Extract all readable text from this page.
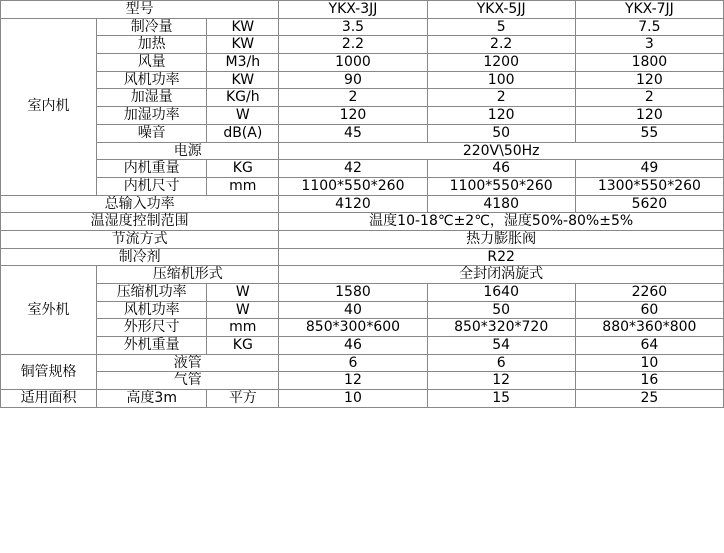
型号			YKX-3JJ	YKX-5JJ	YKX-7JJ
室内机	制冷量	KW	3.5	5	7.5
	加热	KW	2.2	2.2	3
	风量	M3/h	1000	1200	1800
	风机功率	KW	90	100	120
	加湿量	KG/h	2	2	2
	加湿功率	W	120	120	120
	噪音	dB(A)	45	50	55
	电源		220V\50Hz		
	内机重量	KG	42	46	49
	内机尺寸	mm	1100*550*260	1100*550*260	1300*550*260
总输入功率			4120	4180	5620
温湿度控制范围			温度10-18℃±2℃，湿度50%-80%±5%		
节流方式			热力膨胀阀		
制冷剂			R22		
室外机	压缩机形式		全封闭涡旋式		
	压缩机功率	W	1580	1640	2260
	风机功率	W	40	50	60
	外形尺寸	mm	850*300*600	850*320*720	880*360*800
	外机重量	KG	46	54	64
铜管规格	液管		6	6	10
	气管		12	12	16
适用面积	高度3m	平方	10	15	25
